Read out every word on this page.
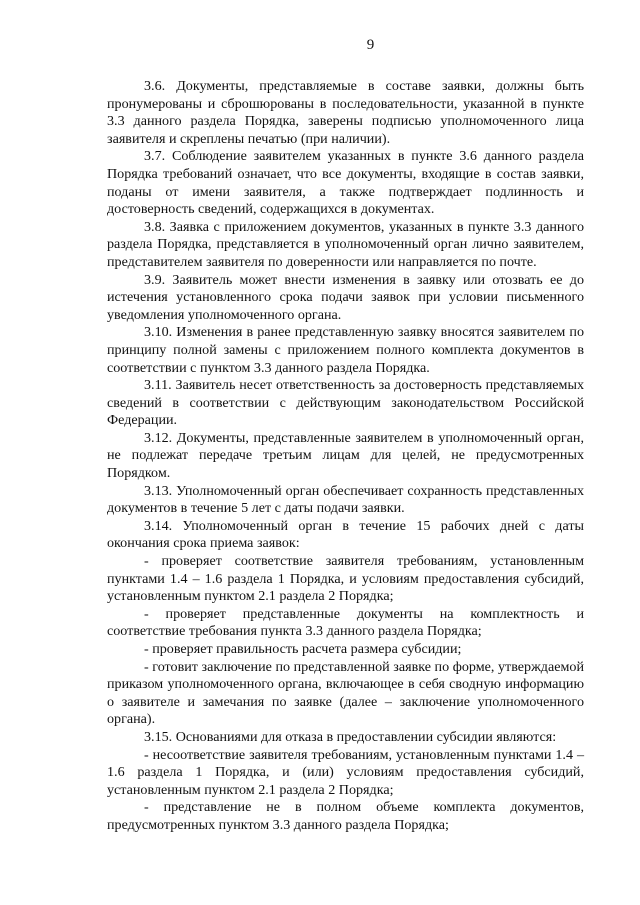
9

3.6. Документы, представляемые в составе заявки, должны быть пронумерованы и сброшюрованы в последовательности, указанной в пункте 3.3 данного раздела Порядка, заверены подписью уполномоченного лица заявителя и скреплены печатью (при наличии).

3.7. Соблюдение заявителем указанных в пункте 3.6 данного раздела Порядка требований означает, что все документы, входящие в состав заявки, поданы от имени заявителя, а также подтверждает подлинность и достоверность сведений, содержащихся в документах.

3.8. Заявка с приложением документов, указанных в пункте 3.3 данного раздела Порядка, представляется в уполномоченный орган лично заявителем, представителем заявителя по доверенности или направляется по почте.

3.9. Заявитель может внести изменения в заявку или отозвать ее до истечения установленного срока подачи заявок при условии письменного уведомления уполномоченного органа.

3.10. Изменения в ранее представленную заявку вносятся заявителем по принципу полной замены с приложением полного комплекта документов в соответствии с пунктом 3.3 данного раздела Порядка.

3.11. Заявитель несет ответственность за достоверность представляемых сведений в соответствии с действующим законодательством Российской Федерации.

3.12. Документы, представленные заявителем в уполномоченный орган, не подлежат передаче третьим лицам для целей, не предусмотренных Порядком.

3.13. Уполномоченный орган обеспечивает сохранность представленных документов в течение 5 лет с даты подачи заявки.

3.14. Уполномоченный орган в течение 15 рабочих дней с даты окончания срока приема заявок:

- проверяет соответствие заявителя требованиям, установленным пунктами 1.4 – 1.6 раздела 1 Порядка, и условиям предоставления субсидий, установленным пунктом 2.1 раздела 2 Порядка;

- проверяет представленные документы на комплектность и соответствие требования пункта 3.3 данного раздела Порядка;

- проверяет правильность расчета размера субсидии;

- готовит заключение по представленной заявке по форме, утверждаемой приказом уполномоченного органа, включающее в себя сводную информацию о заявителе и замечания по заявке (далее – заключение уполномоченного органа).

3.15. Основаниями для отказа в предоставлении субсидии являются:

- несоответствие заявителя требованиям, установленным пунктами 1.4 – 1.6 раздела 1 Порядка, и (или) условиям предоставления субсидий, установленным пунктом 2.1 раздела 2 Порядка;

- представление не в полном объеме комплекта документов, предусмотренных пунктом 3.3 данного раздела Порядка;
